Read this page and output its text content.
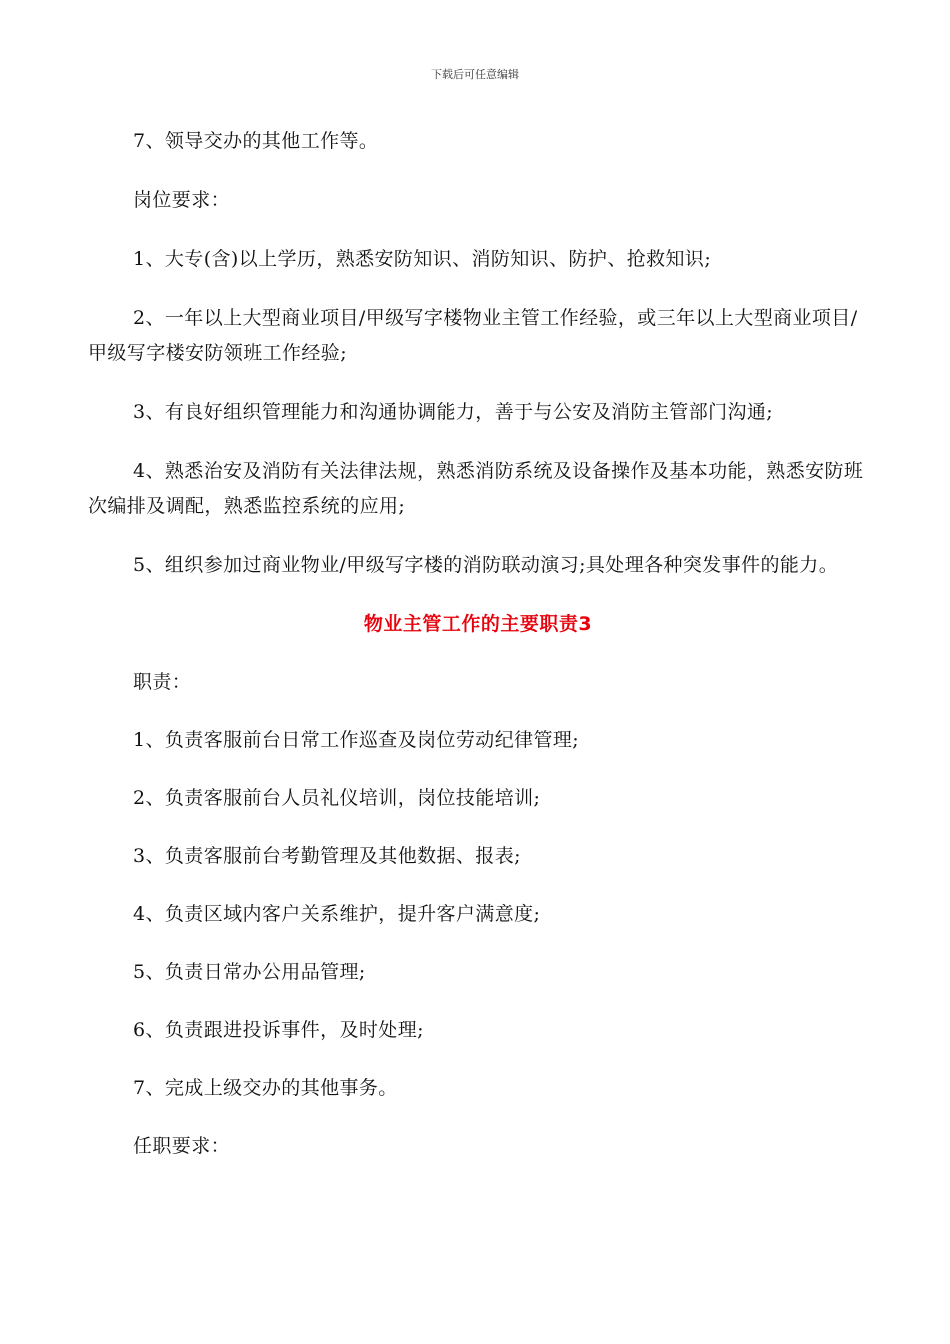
下载后可任意编辑

7、领导交办的其他工作等。

岗位要求：

1、大专(含)以上学历，熟悉安防知识、消防知识、防护、抢救知识;

2、一年以上大型商业项目/甲级写字楼物业主管工作经验，或三年以上大型商业项目/甲级写字楼安防领班工作经验;

3、有良好组织管理能力和沟通协调能力，善于与公安及消防主管部门沟通;

4、熟悉治安及消防有关法律法规，熟悉消防系统及设备操作及基本功能，熟悉安防班次编排及调配，熟悉监控系统的应用;

5、组织参加过商业物业/甲级写字楼的消防联动演习;具处理各种突发事件的能力。

物业主管工作的主要职责3

职责：

1、负责客服前台日常工作巡查及岗位劳动纪律管理;

2、负责客服前台人员礼仪培训，岗位技能培训;

3、负责客服前台考勤管理及其他数据、报表;

4、负责区域内客户关系维护，提升客户满意度;

5、负责日常办公用品管理;

6、负责跟进投诉事件，及时处理;

7、完成上级交办的其他事务。

任职要求：
